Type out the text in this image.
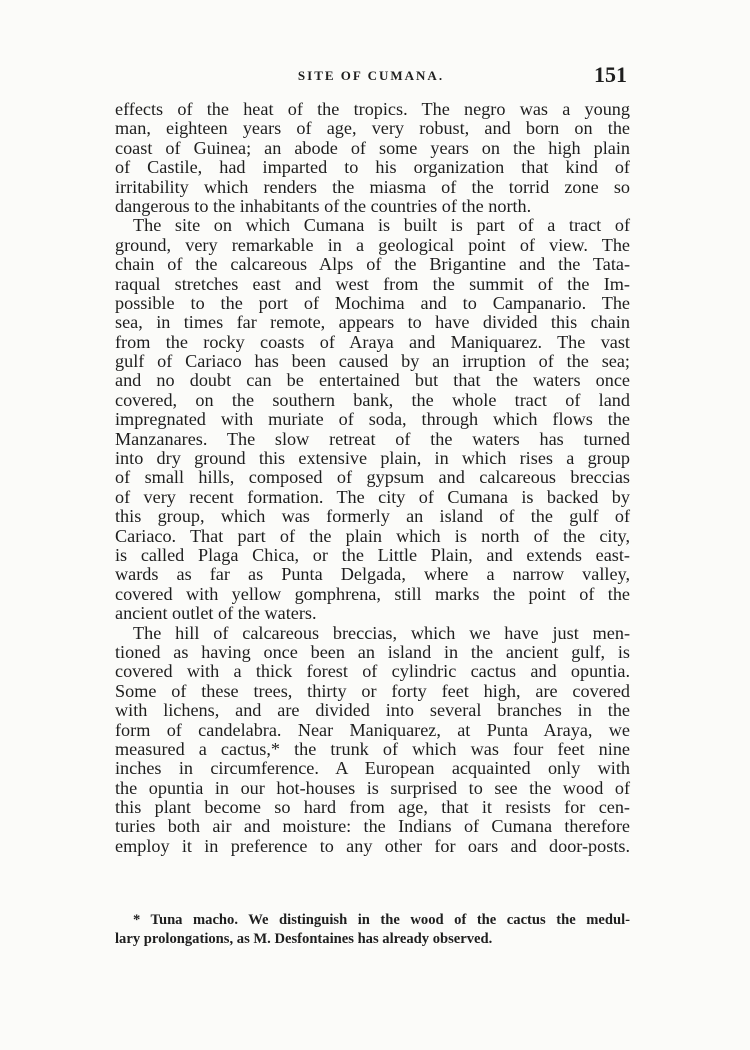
SITE OF CUMANA.	151
effects of the heat of the tropics. The negro was a young
man, eighteen years of age, very robust, and born on the
coast of Guinea; an abode of some years on the high plain
of Castile, had imparted to his organization that kind of
irritability which renders the miasma of the torrid zone so
dangerous to the inhabitants of the countries of the north.
The site on which Cumana is built is part of a tract of
ground, very remarkable in a geological point of view. The
chain of the calcareous Alps of the Brigantine and the Tata-
raqual stretches east and west from the summit of the Im-
possible to the port of Mochima and to Campanario. The
sea, in times far remote, appears to have divided this chain
from the rocky coasts of Araya and Maniquarez. The vast
gulf of Cariaco has been caused by an irruption of the sea;
and no doubt can be entertained but that the waters once
covered, on the southern bank, the whole tract of land
impregnated with muriate of soda, through which flows the
Manzanares. The slow retreat of the waters has turned
into dry ground this extensive plain, in which rises a group
of small hills, composed of gypsum and calcareous breccias
of very recent formation. The city of Cumana is backed by
this group, which was formerly an island of the gulf of
Cariaco. That part of the plain which is north of the city,
is called Plaga Chica, or the Little Plain, and extends east-
wards as far as Punta Delgada, where a narrow valley,
covered with yellow gomphrena, still marks the point of the
ancient outlet of the waters.
The hill of calcareous breccias, which we have just men-
tioned as having once been an island in the ancient gulf, is
covered with a thick forest of cylindric cactus and opuntia.
Some of these trees, thirty or forty feet high, are covered
with lichens, and are divided into several branches in the
form of candelabra. Near Maniquarez, at Punta Araya, we
measured a cactus,* the trunk of which was four feet nine
inches in circumference. A European acquainted only with
the opuntia in our hot-houses is surprised to see the wood of
this plant become so hard from age, that it resists for cen-
turies both air and moisture: the Indians of Cumana therefore
employ it in preference to any other for oars and door-posts.
* Tuna macho. We distinguish in the wood of the cactus the medul-
lary prolongations, as M. Desfontaines has already observed.
